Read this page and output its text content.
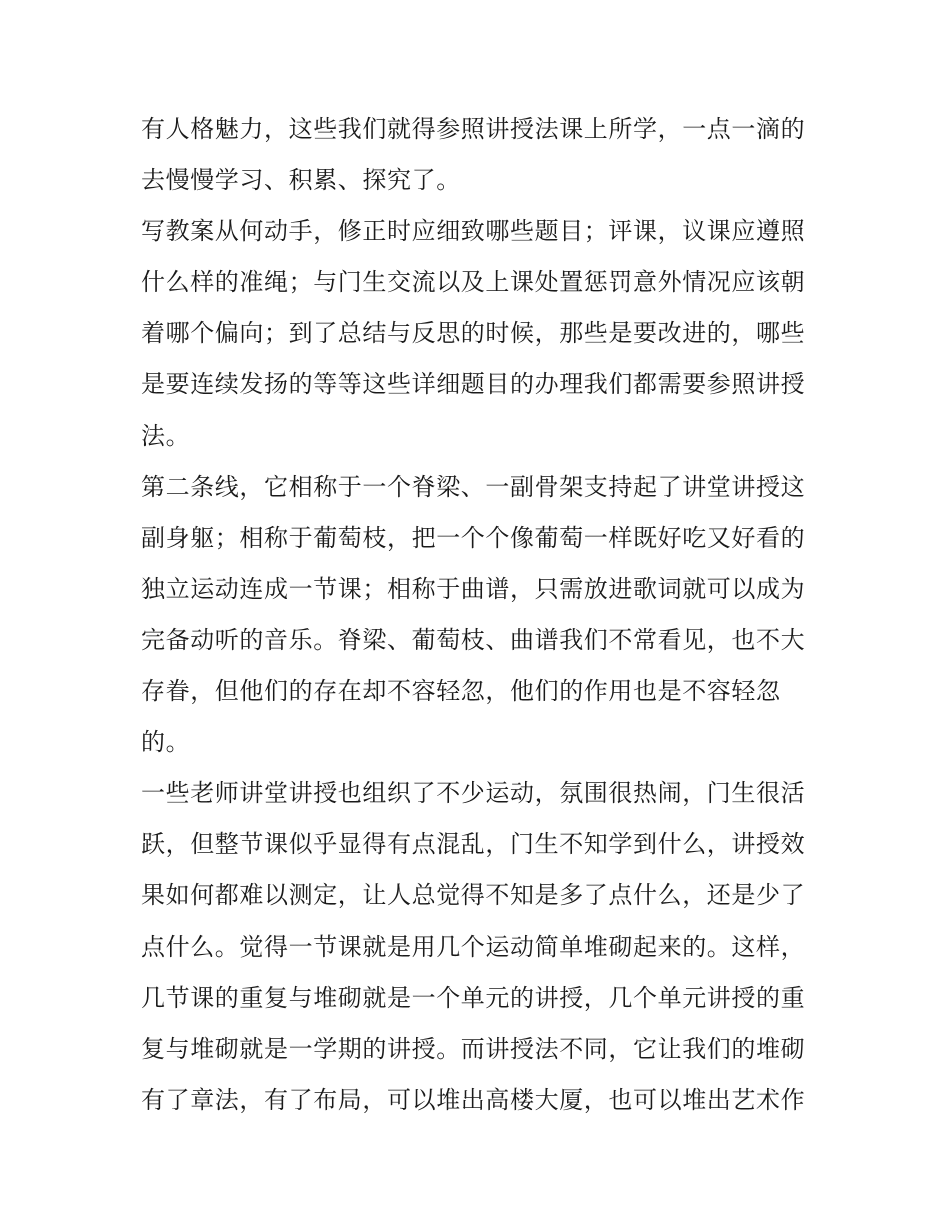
有人格魅力，这些我们就得参照讲授法课上所学，一点一滴的
去慢慢学习、积累、探究了。
写教案从何动手，修正时应细致哪些题目；评课，议课应遵照
什么样的准绳；与门生交流以及上课处置惩罚意外情况应该朝
着哪个偏向；到了总结与反思的时候，那些是要改进的，哪些
是要连续发扬的等等这些详细题目的办理我们都需要参照讲授
法。
第二条线，它相称于一个脊梁、一副骨架支持起了讲堂讲授这
副身躯；相称于葡萄枝，把一个个像葡萄一样既好吃又好看的
独立运动连成一节课；相称于曲谱，只需放进歌词就可以成为
完备动听的音乐。脊梁、葡萄枝、曲谱我们不常看见，也不大
存眷，但他们的存在却不容轻忽，他们的作用也是不容轻忽
的。
一些老师讲堂讲授也组织了不少运动，氛围很热闹，门生很活
跃，但整节课似乎显得有点混乱，门生不知学到什么，讲授效
果如何都难以测定，让人总觉得不知是多了点什么，还是少了
点什么。觉得一节课就是用几个运动简单堆砌起来的。这样，
几节课的重复与堆砌就是一个单元的讲授，几个单元讲授的重
复与堆砌就是一学期的讲授。而讲授法不同，它让我们的堆砌
有了章法，有了布局，可以堆出高楼大厦，也可以堆出艺术作
